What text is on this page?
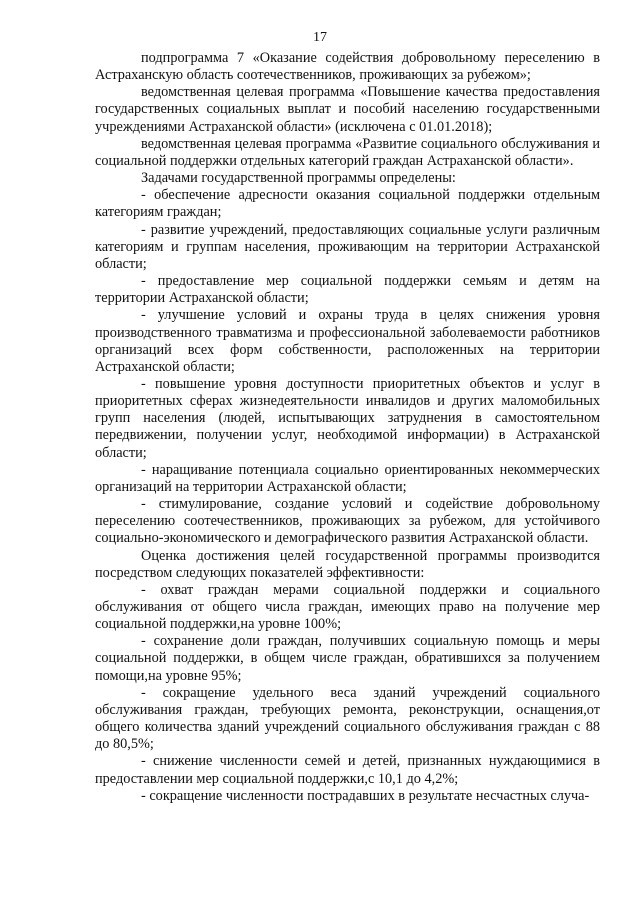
17

подпрограмма 7 «Оказание содействия добровольному переселению в Астраханскую область соотечественников, проживающих за рубежом»;

ведомственная целевая программа «Повышение качества предоставления государственных социальных выплат и пособий населению государственными учреждениями Астраханской области» (исключена с 01.01.2018);

ведомственная целевая программа «Развитие социального обслуживания и социальной поддержки отдельных категорий граждан Астраханской области».

Задачами государственной программы определены:

- обеспечение адресности оказания социальной поддержки отдельным категориям граждан;

- развитие учреждений, предоставляющих социальные услуги различным категориям и группам населения, проживающим на территории Астраханской области;

- предоставление мер социальной поддержки семьям и детям на территории Астраханской области;

- улучшение условий и охраны труда в целях снижения уровня производственного травматизма и профессиональной заболеваемости работников организаций всех форм собственности, расположенных на территории Астраханской области;

- повышение уровня доступности приоритетных объектов и услуг в приоритетных сферах жизнедеятельности инвалидов и других маломобильных групп населения (людей, испытывающих затруднения в самостоятельном передвижении, получении услуг, необходимой информации) в Астраханской области;

- наращивание потенциала социально ориентированных некоммерческих организаций на территории Астраханской области;

- стимулирование, создание условий и содействие добровольному переселению соотечественников, проживающих за рубежом, для устойчивого социально-экономического и демографического развития Астраханской области.

Оценка достижения целей государственной программы производится посредством следующих показателей эффективности:

- охват граждан мерами социальной поддержки и социального обслуживания от общего числа граждан, имеющих право на получение мер социальной поддержки,на уровне 100%;

- сохранение доли граждан, получивших социальную помощь и меры социальной поддержки, в общем числе граждан, обратившихся за получением помощи,на уровне 95%;

- сокращение удельного веса зданий учреждений социального обслуживания граждан, требующих ремонта, реконструкции, оснащения,от общего количества зданий учреждений социального обслуживания граждан с 88 до 80,5%;

- снижение численности семей и детей, признанных нуждающимися в предоставлении мер социальной поддержки,с 10,1 до 4,2%;

- сокращение численности пострадавших в результате несчастных случа-
